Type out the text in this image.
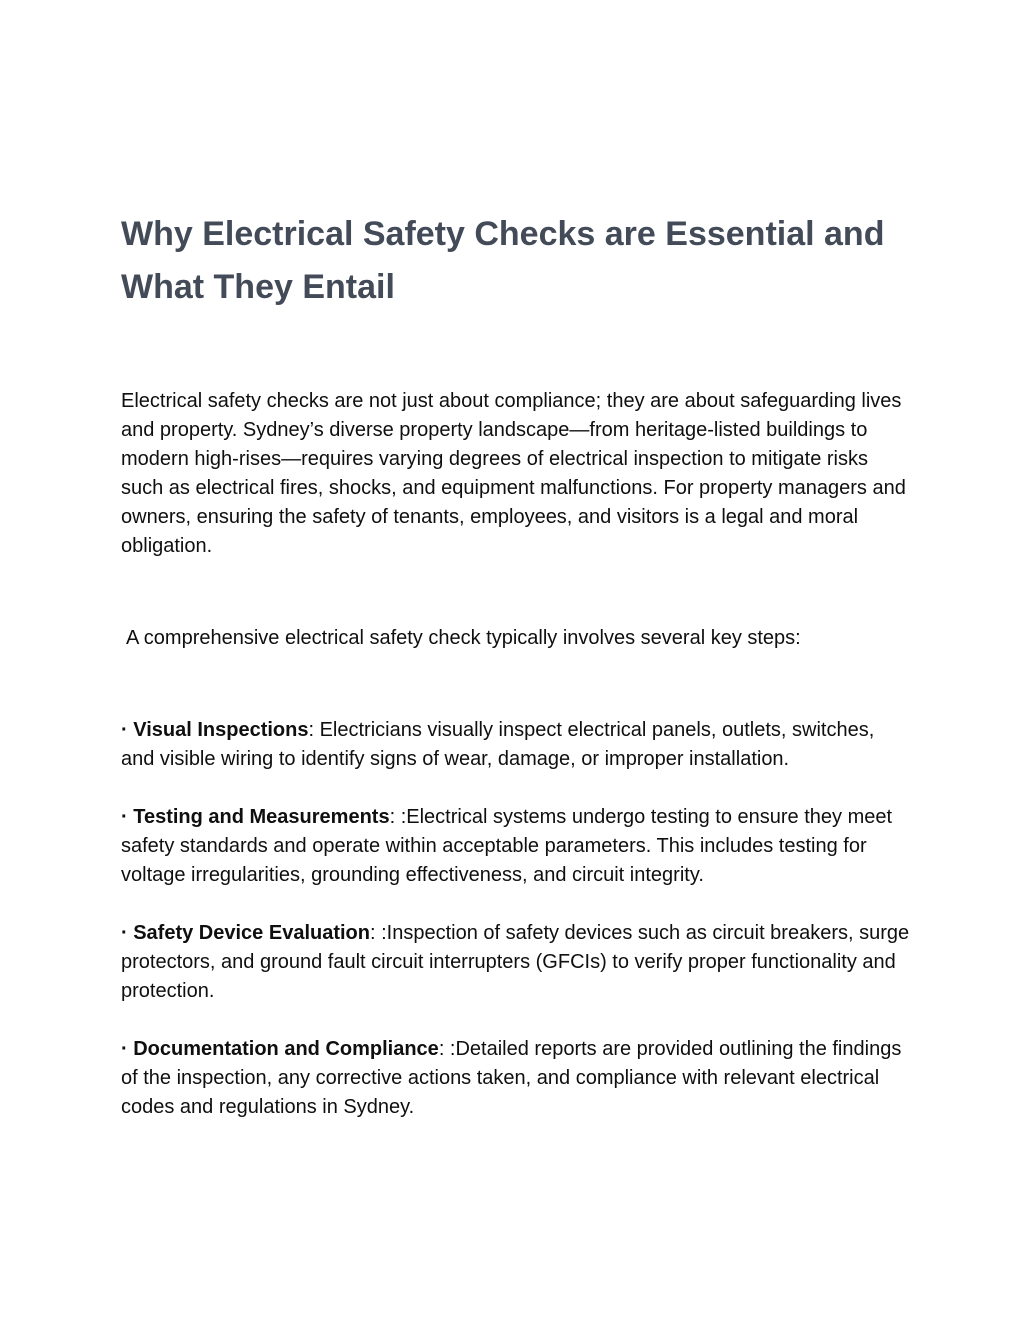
Why Electrical Safety Checks are Essential and What They Entail

Electrical safety checks are not just about compliance; they are about safeguarding lives and property. Sydney’s diverse property landscape—from heritage-listed buildings to modern high-rises—requires varying degrees of electrical inspection to mitigate risks such as electrical fires, shocks, and equipment malfunctions. For property managers and owners, ensuring the safety of tenants, employees, and visitors is a legal and moral obligation.

A comprehensive electrical safety check typically involves several key steps:

· Visual Inspections: Electricians visually inspect electrical panels, outlets, switches, and visible wiring to identify signs of wear, damage, or improper installation.

· Testing and Measurements: :Electrical systems undergo testing to ensure they meet safety standards and operate within acceptable parameters. This includes testing for voltage irregularities, grounding effectiveness, and circuit integrity.

· Safety Device Evaluation: :Inspection of safety devices such as circuit breakers, surge protectors, and ground fault circuit interrupters (GFCIs) to verify proper functionality and protection.

· Documentation and Compliance: :Detailed reports are provided outlining the findings of the inspection, any corrective actions taken, and compliance with relevant electrical codes and regulations in Sydney.
